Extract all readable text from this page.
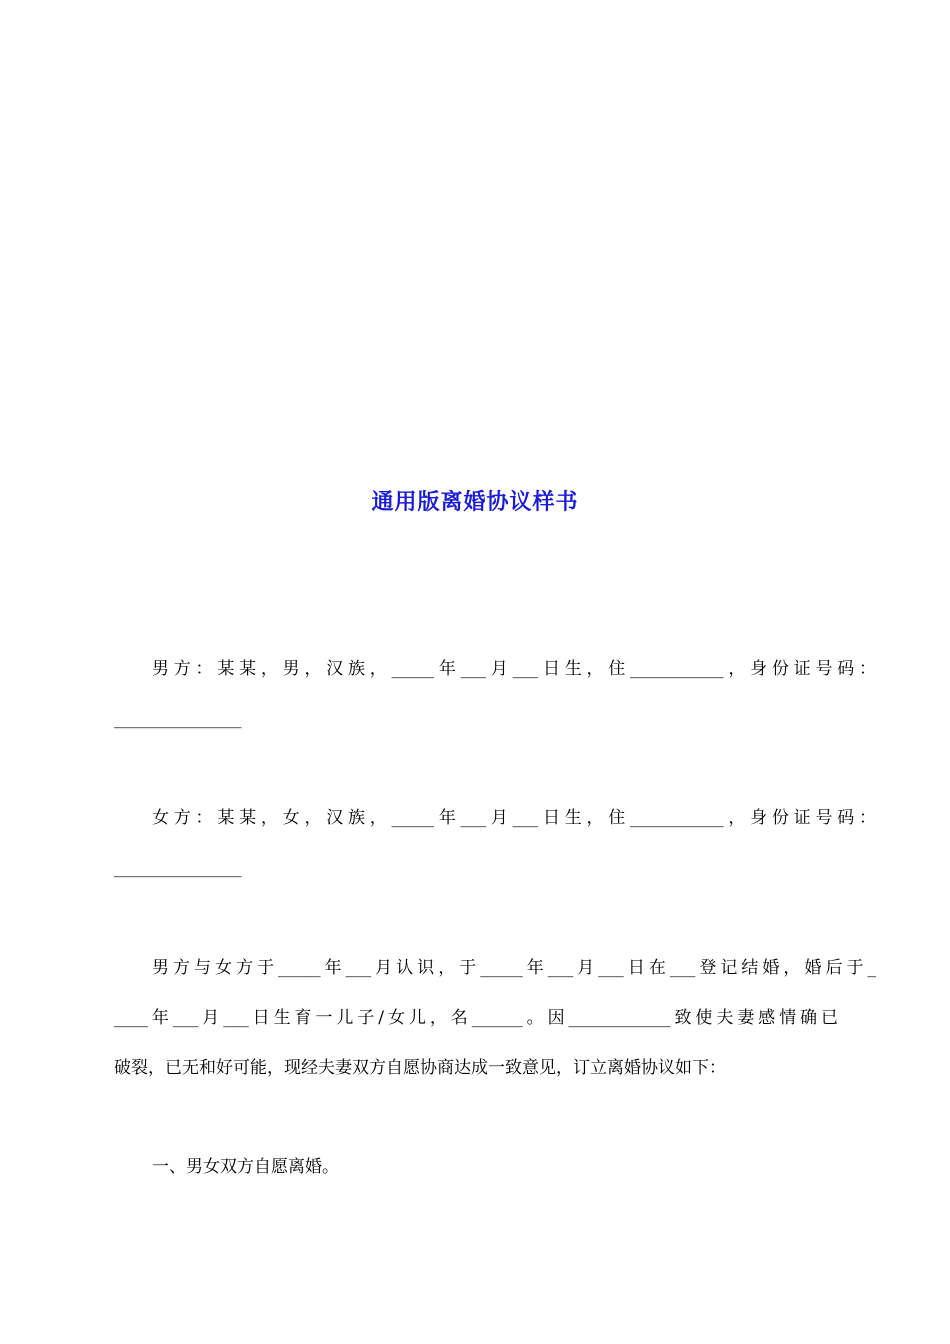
通用版离婚协议样书
男方：某某，男，汉族，_____年___月___日生，住___________，身份证号码：
_______________
女方：某某，女，汉族，_____年___月___日生，住___________，身份证号码：
_______________
男方与女方于_____年___月认识，于_____年___月___日在___登记结婚，婚后于_
____年___月___日生育一儿子/女儿，名______。因____________致使夫妻感情确已
破裂，已无和好可能，现经夫妻双方自愿协商达成一致意见，订立离婚协议如下：
一、男女双方自愿离婚。
